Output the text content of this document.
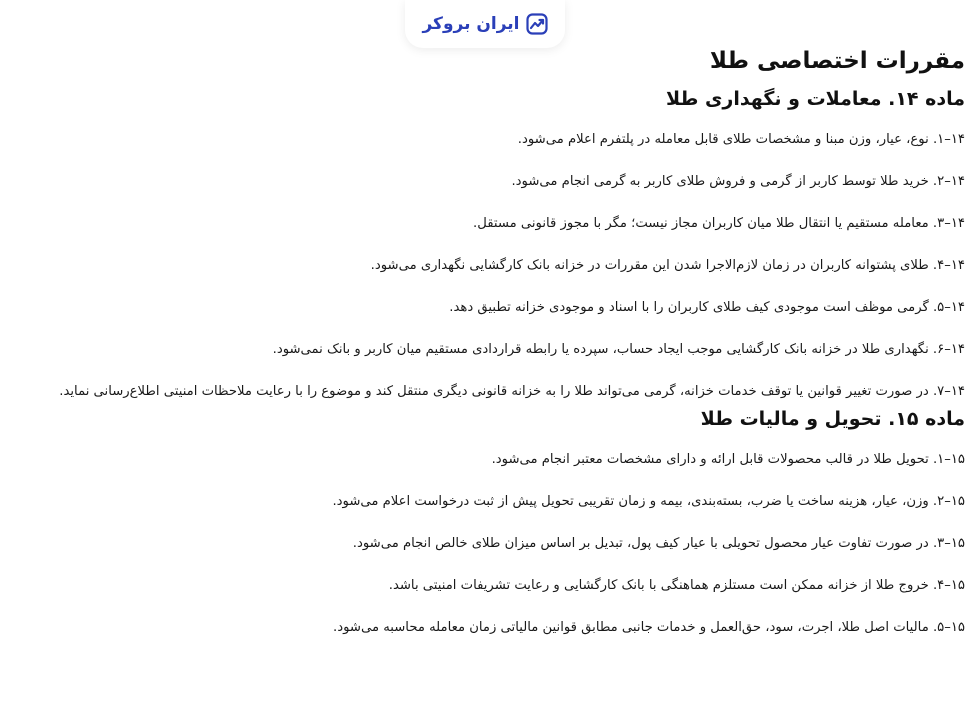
ایران بروکر
مقررات اختصاصی طلا
ماده ۱۴. معاملات و نگهداری طلا
۱۴–۱. نوع، عیار، وزن مبنا و مشخصات طلای قابل معامله در پلتفرم اعلام می‌شود.
۱۴–۲. خرید طلا توسط کاربر از گرمی و فروش طلای کاربر به گرمی انجام می‌شود.
۱۴–۳. معامله مستقیم یا انتقال طلا میان کاربران مجاز نیست؛ مگر با مجوز قانونی مستقل.
۱۴–۴. طلای پشتوانه کاربران در زمان لازم‌الاجرا شدن این مقررات در خزانه بانک کارگشایی نگهداری می‌شود.
۱۴–۵. گرمی موظف است موجودی کیف طلای کاربران را با اسناد و موجودی خزانه تطبیق دهد.
۱۴–۶. نگهداری طلا در خزانه بانک کارگشایی موجب ایجاد حساب، سپرده یا رابطه قراردادی مستقیم میان کاربر و بانک نمی‌شود.
۱۴–۷. در صورت تغییر قوانین یا توقف خدمات خزانه، گرمی می‌تواند طلا را به خزانه قانونی دیگری منتقل کند و موضوع را با رعایت ملاحظات امنیتی اطلاع‌رسانی نماید.
ماده ۱۵. تحویل و مالیات طلا
۱۵–۱. تحویل طلا در قالب محصولات قابل ارائه و دارای مشخصات معتبر انجام می‌شود.
۱۵–۲. وزن، عیار، هزینه ساخت یا ضرب، بسته‌بندی، بیمه و زمان تقریبی تحویل پیش از ثبت درخواست اعلام می‌شود.
۱۵–۳. در صورت تفاوت عیار محصول تحویلی با عیار کیف پول، تبدیل بر اساس میزان طلای خالص انجام می‌شود.
۱۵–۴. خروج طلا از خزانه ممکن است مستلزم هماهنگی با بانک کارگشایی و رعایت تشریفات امنیتی باشد.
۱۵–۵. مالیات اصل طلا، اجرت، سود، حق‌العمل و خدمات جانبی مطابق قوانین مالیاتی زمان معامله محاسبه می‌شود.
